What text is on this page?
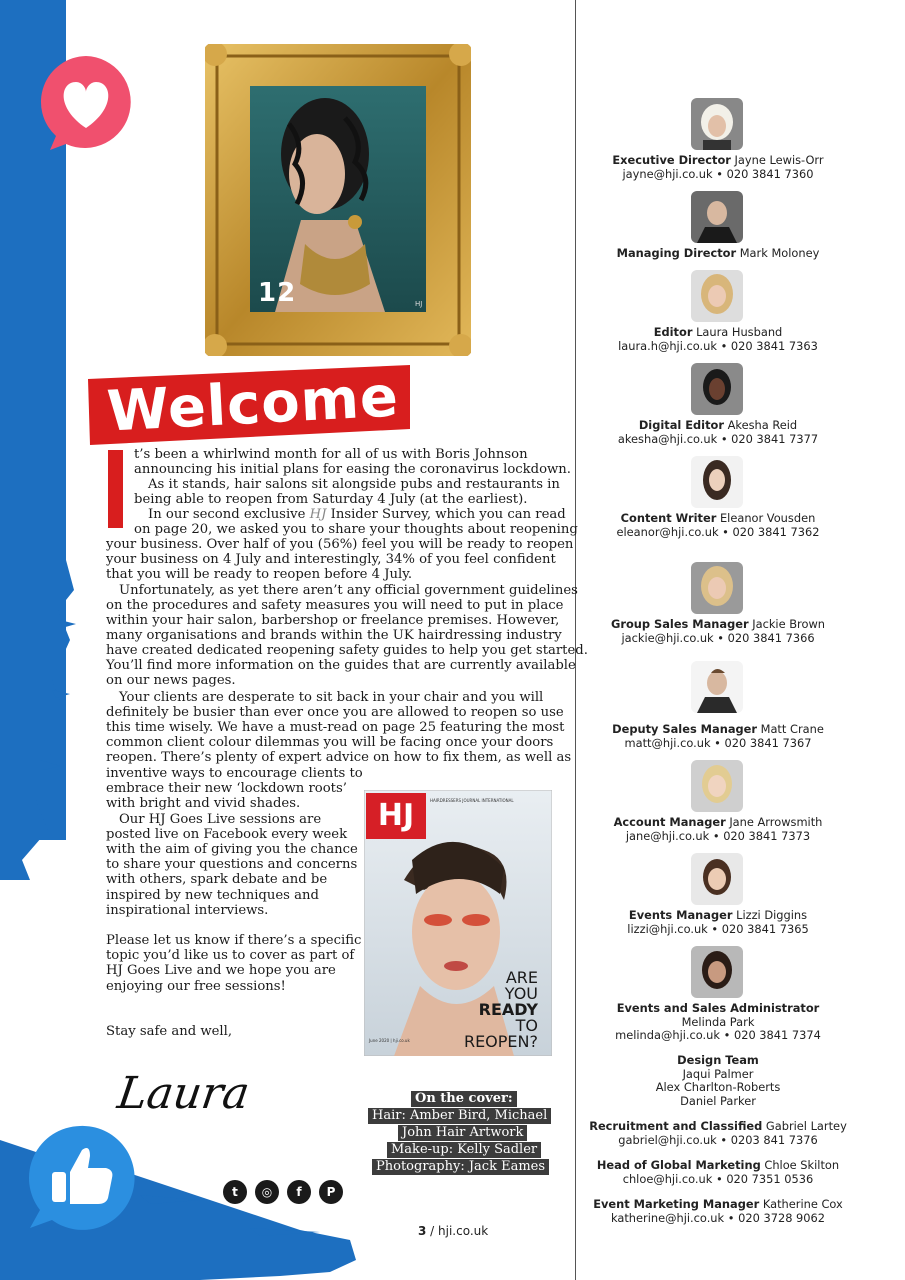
HJ
12
Welcome
t’s been a whirlwind month for all of us with Boris Johnson
announcing his initial plans for easing the coronavirus lockdown.
As it stands, hair salons sit alongside pubs and restaurants in
being able to reopen from Saturday 4 July (at the earliest).
In our second exclusive HJ Insider Survey, which you can read
on page 20, we asked you to share your thoughts about reopening
your business. Over half of you (56%) feel you will be ready to reopen
your business on 4 July and interestingly, 34% of you feel confident
that you will be ready to reopen before 4 July.
Unfortunately, as yet there aren’t any official government guidelines
on the procedures and safety measures you will need to put in place
within your hair salon, barbershop or freelance premises. However,
many organisations and brands within the UK hairdressing industry
have created dedicated reopening safety guides to help you get started.
You’ll find more information on the guides that are currently available
on our news pages.
Your clients are desperate to sit back in your chair and you will
definitely be busier than ever once you are allowed to reopen so use
this time wisely. We have a must-read on page 25 featuring the most
common client colour dilemmas you will be facing once your doors
reopen. There’s plenty of expert advice on how to fix them, as well as
inventive ways to encourage clients to
embrace their new ‘lockdown roots’
with bright and vivid shades.
Our HJ Goes Live sessions are
posted live on Facebook every week
with the aim of giving you the chance
to share your questions and concerns
with others, spark debate and be
inspired by new techniques and
inspirational interviews.
Please let us know if there’s a specific
topic you’d like us to cover as part of
HJ Goes Live and we hope you are
enjoying our free sessions!
Stay safe and well,
Laura
HJ	HAIRDRESSERS JOURNAL INTERNATIONAL
ARE
YOU
READY
TO
REOPEN?
June 2020 | hji.co.uk
On the cover:
Hair: Amber Bird, Michael
John Hair Artwork
Make-up: Kelly Sadler
Photography: Jack Eames
t	◎	f	P
3 / hji.co.uk
Executive Director Jayne Lewis-Orr
jayne@hji.co.uk • 020 3841 7360
Managing Director Mark Moloney
Editor Laura Husband
laura.h@hji.co.uk • 020 3841 7363
Digital Editor Akesha Reid
akesha@hji.co.uk • 020 3841 7377
Content Writer Eleanor Vousden
eleanor@hji.co.uk • 020 3841 7362
Group Sales Manager Jackie Brown
jackie@hji.co.uk • 020 3841 7366
Deputy Sales Manager Matt Crane
matt@hji.co.uk • 020 3841 7367
Account Manager Jane Arrowsmith
jane@hji.co.uk • 020 3841 7373
Events Manager Lizzi Diggins
lizzi@hji.co.uk • 020 3841 7365
Events and Sales Administrator
Melinda Park
melinda@hji.co.uk • 020 3841 7374
Design Team
Jaqui Palmer
Alex Charlton-Roberts
Daniel Parker
Recruitment and Classified Gabriel Lartey
gabriel@hji.co.uk • 0203 841 7376
Head of Global Marketing Chloe Skilton
chloe@hji.co.uk • 020 7351 0536
Event Marketing Manager Katherine Cox
katherine@hji.co.uk • 020 3728 9062
